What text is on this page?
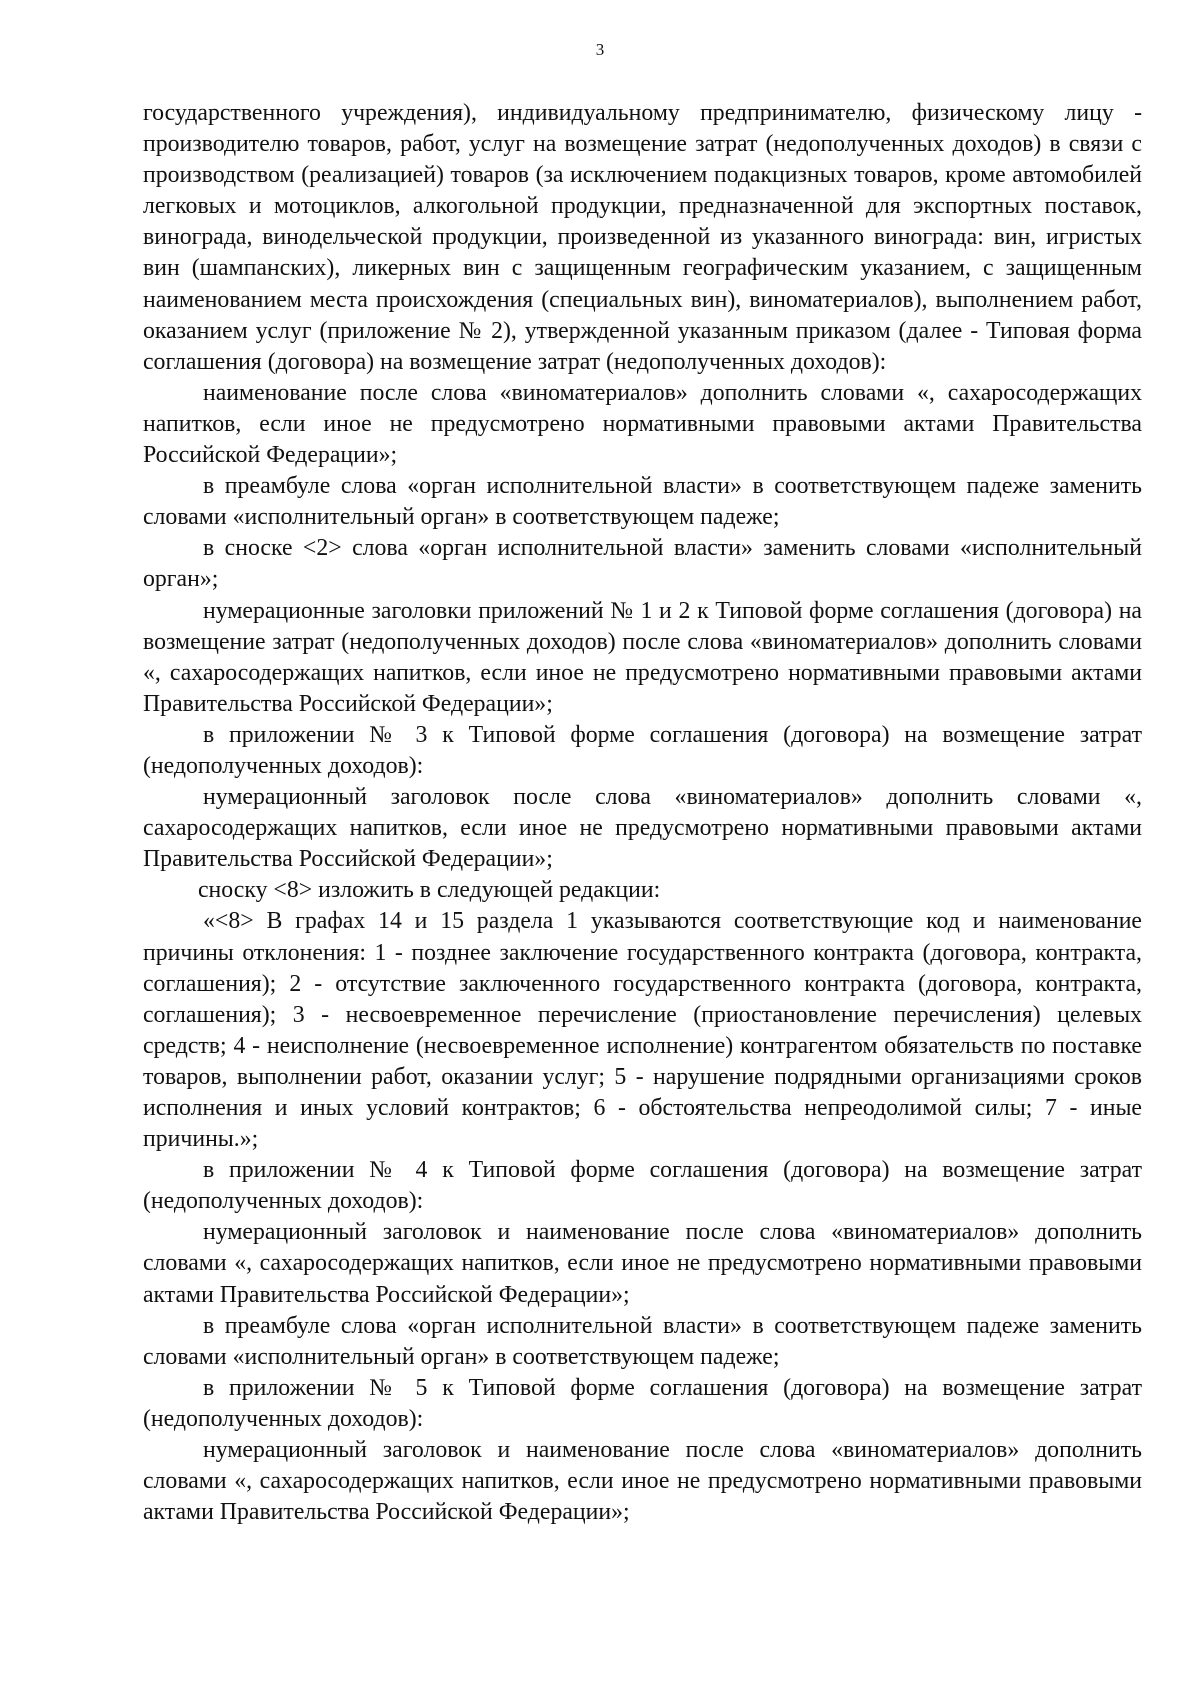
3

государственного учреждения), индивидуальному предпринимателю, физическому лицу - производителю товаров, работ, услуг на возмещение затрат (недополученных доходов) в связи с производством (реализацией) товаров (за исключением подакцизных товаров, кроме автомобилей легковых и мотоциклов, алкогольной продукции, предназначенной для экспортных поставок, винограда, винодельческой продукции, произведенной из указанного винограда: вин, игристых вин (шампанских), ликерных вин с защищенным географическим указанием, с защищенным наименованием места происхождения (специальных вин), виноматериалов), выполнением работ, оказанием услуг (приложение № 2), утвержденной указанным приказом (далее - Типовая форма соглашения (договора) на возмещение затрат (недополученных доходов):

наименование после слова «виноматериалов» дополнить словами «, сахаросодержащих напитков, если иное не предусмотрено нормативными правовыми актами Правительства Российской Федерации»;

в преамбуле слова «орган исполнительной власти» в соответствующем падеже заменить словами «исполнительный орган» в соответствующем падеже;

в сноске <2> слова «орган исполнительной власти» заменить словами «исполнительный орган»;

нумерационные заголовки приложений № 1 и 2 к Типовой форме соглашения (договора) на возмещение затрат (недополученных доходов) после слова «виноматериалов» дополнить словами «, сахаросодержащих напитков, если иное не предусмотрено нормативными правовыми актами Правительства Российской Федерации»;

в приложении № 3 к Типовой форме соглашения (договора) на возмещение затрат (недополученных доходов):

нумерационный заголовок после слова «виноматериалов» дополнить словами «, сахаросодержащих напитков, если иное не предусмотрено нормативными правовыми актами Правительства Российской Федерации»;

сноску <8> изложить в следующей редакции:

«<8> В графах 14 и 15 раздела 1 указываются соответствующие код и наименование причины отклонения: 1 - позднее заключение государственного контракта (договора, контракта, соглашения); 2 - отсутствие заключенного государственного контракта (договора, контракта, соглашения); 3 - несвоевременное перечисление (приостановление перечисления) целевых средств; 4 - неисполнение (несвоевременное исполнение) контрагентом обязательств по поставке товаров, выполнении работ, оказании услуг; 5 - нарушение подрядными организациями сроков исполнения и иных условий контрактов; 6 - обстоятельства непреодолимой силы; 7 - иные причины.»;

в приложении № 4 к Типовой форме соглашения (договора) на возмещение затрат (недополученных доходов):

нумерационный заголовок и наименование после слова «виноматериалов» дополнить словами «, сахаросодержащих напитков, если иное не предусмотрено нормативными правовыми актами Правительства Российской Федерации»;

в преамбуле слова «орган исполнительной власти» в соответствующем падеже заменить словами «исполнительный орган» в соответствующем падеже;

в приложении № 5 к Типовой форме соглашения (договора) на возмещение затрат (недополученных доходов):

нумерационный заголовок и наименование после слова «виноматериалов» дополнить словами «, сахаросодержащих напитков, если иное не предусмотрено нормативными правовыми актами Правительства Российской Федерации»;
